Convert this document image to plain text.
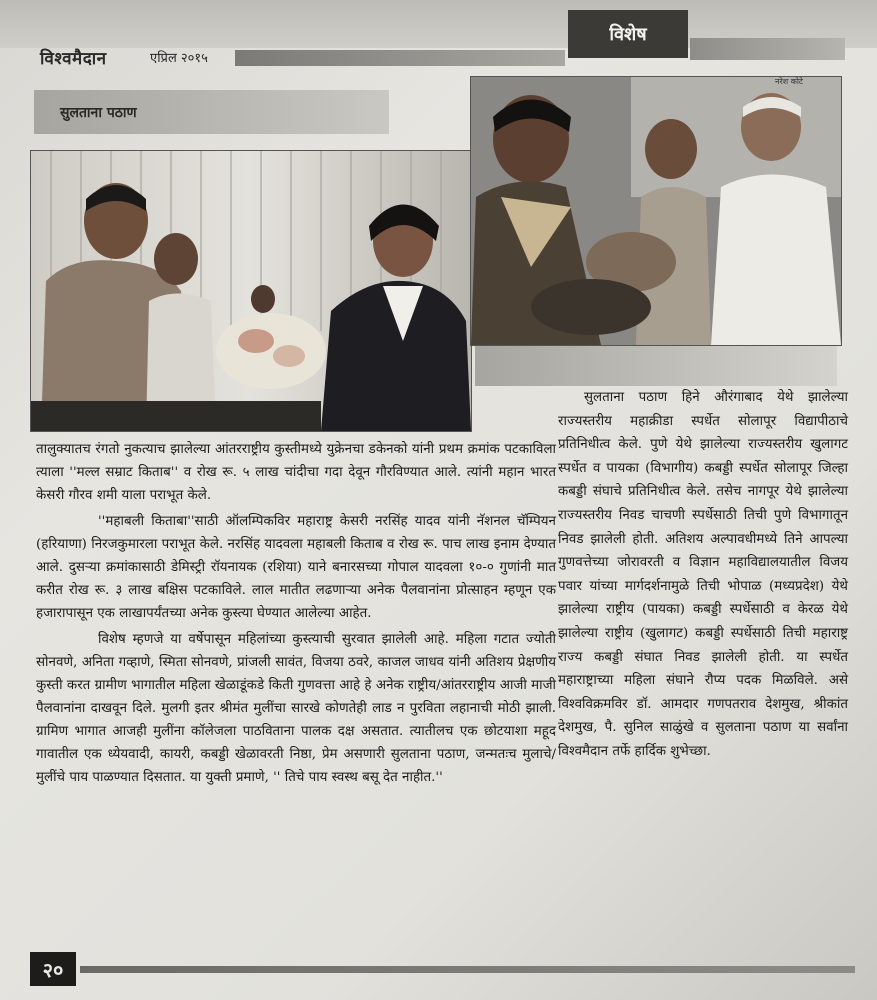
विश्वमैदान	एप्रिल २०१५
विशेष
सुलताना पठाण
नरेश कोटे

तालुक्यातच रंगतो नुकत्याच झालेल्या आंतरराष्ट्रीय कुस्तीमध्ये युक्रेनचा डकेनको यांनी प्रथम क्रमांक पटकाविला त्याला ''मल्ल सम्राट किताब'' व रोख रू. ५ लाख चांदीचा गदा देवून गौरविण्यात आले. त्यांनी महान भारत केसरी गौरव शमी याला पराभूत केले.

''महाबली किताबा''साठी ऑलम्पिकविर महाराष्ट्र केसरी नरसिंह यादव यांनी नॅशनल चॅम्पियन (हरियाणा) निरजकुमारला पराभूत केले. नरसिंह यादवला महाबली किताब व रोख रू. पाच लाख इनाम देण्यात आले. दुसऱ्या क्रमांकासाठी डेमिस्ट्री रॉयनायक (रशिया) याने बनारसच्या गोपाल यादवला १०-० गुणांनी मात करीत रोख रू. ३ लाख बक्षिस पटकाविले. लाल मातीत लढणाऱ्या अनेक पैलवानांना प्रोत्साहन म्हणून एक हजारापासून एक लाखापर्यंतच्या अनेक कुस्त्या घेण्यात आलेल्या आहेत.

विशेष म्हणजे या वर्षेपासून महिलांच्या कुस्त्याची सुरवात झालेली आहे. महिला गटात ज्योती सोनवणे, अनिता गव्हाणे, स्मिता सोनवणे, प्रांजली सावंत, विजया ठवरे, काजल जाधव यांनी अतिशय प्रेक्षणीय कुस्ती करत ग्रामीण भागातील महिला खेळाडूंकडे किती गुणवत्ता आहे हे अनेक राष्ट्रीय/आंतरराष्ट्रीय आजी माजी पैलवानांना दाखवून दिले. मुलगी इतर श्रीमंत मुलींचा सारखे कोणतेही लाड न पुरविता लहानाची मोठी झाली. ग्रामिण भागात आजही मुलींना कॉलेजला पाठविताना पालक दक्ष असतात. त्यातीलच एक छोटयाशा महूद गावातील एक ध्येयवादी, कायरी, कबड्डी खेळावरती निष्ठा, प्रेम असणारी सुलताना पठाण, जन्मतःच मुलाचे/मुलींचे पाय पाळण्यात दिसतात. या युक्ती प्रमाणे, '' तिचे पाय स्वस्थ बसू देत नाहीत.''

सुलताना पठाण हिने औरंगाबाद येथे झालेल्या राज्यस्तरीय महाक्रीडा स्पर्धेत सोलापूर विद्यापीठाचे प्रतिनिधीत्व केले. पुणे येथे झालेल्या राज्यस्तरीय खुलागट स्पर्धेत व पायका (विभागीय) कबड्डी स्पर्धेत सोलापूर जिल्हा कबड्डी संघाचे प्रतिनिधीत्व केले. तसेच नागपूर येथे झालेल्या राज्यस्तरीय निवड चाचणी स्पर्धेसाठी तिची पुणे विभागातून निवड झालेली होती. अतिशय अल्पावधीमध्ये तिने आपल्या गुणवत्तेच्या जोरावरती व विज्ञान महाविद्यालयातील विजय पवार यांच्या मार्गदर्शनामुळे तिची भोपाळ (मध्यप्रदेश) येथे झालेल्या राष्ट्रीय (पायका) कबड्डी स्पर्धेसाठी व केरळ येथे झालेल्या राष्ट्रीय (खुलागट) कबड्डी स्पर्धेसाठी तिची महाराष्ट्र राज्य कबड्डी संघात निवड झालेली होती. या स्पर्धेत महाराष्ट्राच्या महिला संघाने रौप्य पदक मिळविले. असे विश्वविक्रमविर डॉ. आमदार गणपतराव देशमुख, श्रीकांत देशमुख, पै. सुनिल साळुंखे व सुलताना पठाण या सर्वांना विश्वमैदान तर्फे हार्दिक शुभेच्छा.

२०
